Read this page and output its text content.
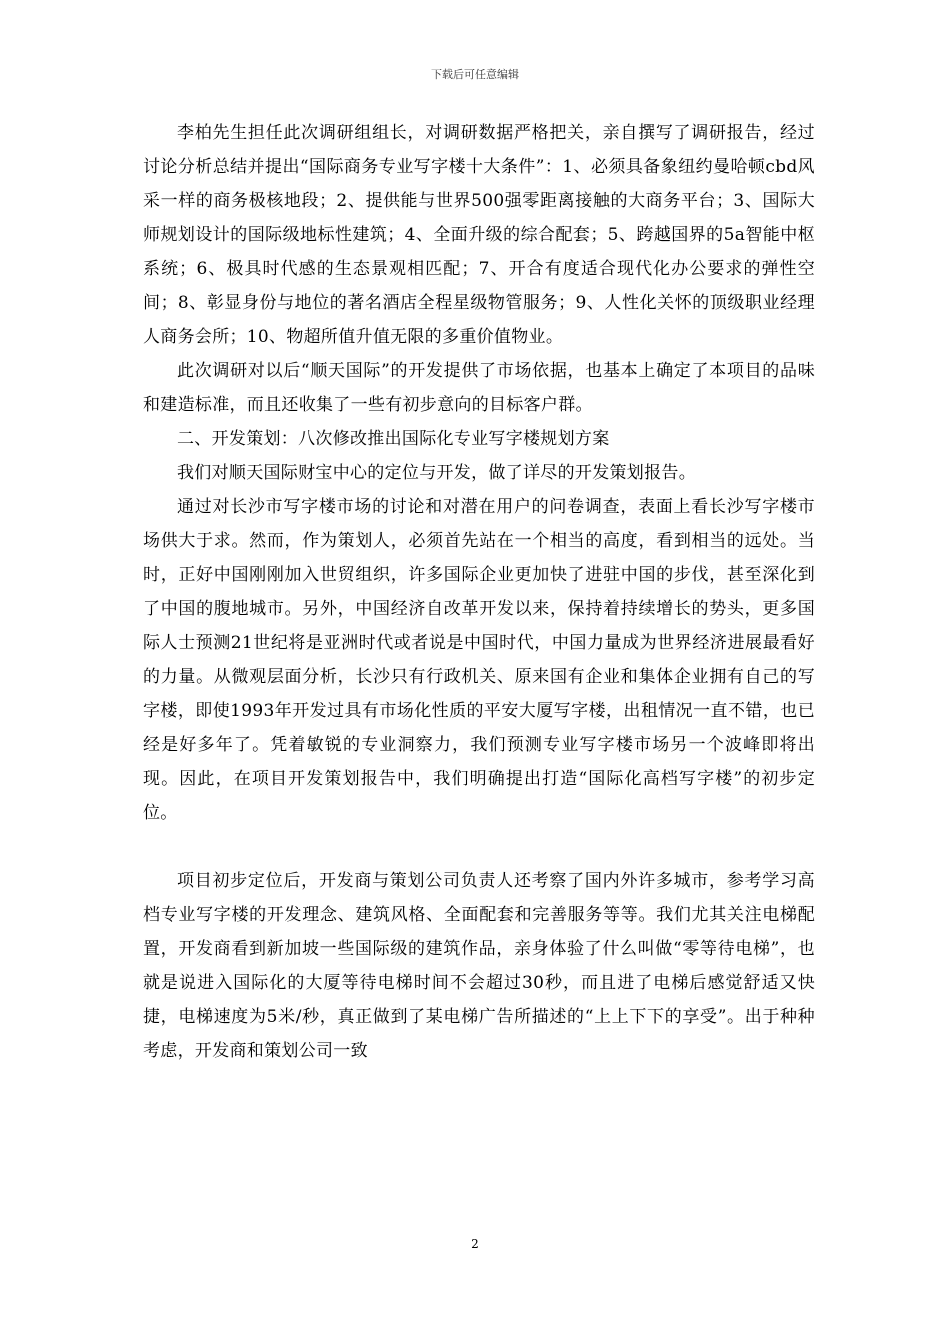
下载后可任意编辑

李柏先生担任此次调研组组长，对调研数据严格把关，亲自撰写了调研报告，经过讨论分析总结并提出“国际商务专业写字楼十大条件”：1、必须具备象纽约曼哈顿cbd风采一样的商务极核地段；2、提供能与世界500强零距离接触的大商务平台；3、国际大师规划设计的国际级地标性建筑；4、全面升级的综合配套；5、跨越国界的5a智能中枢系统；6、极具时代感的生态景观相匹配；7、开合有度适合现代化办公要求的弹性空间；8、彰显身份与地位的著名酒店全程星级物管服务；9、人性化关怀的顶级职业经理人商务会所；10、物超所值升值无限的多重价值物业。

此次调研对以后“顺天国际”的开发提供了市场依据，也基本上确定了本项目的品味和建造标准，而且还收集了一些有初步意向的目标客户群。

二、开发策划：八次修改推出国际化专业写字楼规划方案

我们对顺天国际财宝中心的定位与开发，做了详尽的开发策划报告。

通过对长沙市写字楼市场的讨论和对潜在用户的问卷调查，表面上看长沙写字楼市场供大于求。然而，作为策划人，必须首先站在一个相当的高度，看到相当的远处。当时，正好中国刚刚加入世贸组织，许多国际企业更加快了进驻中国的步伐，甚至深化到了中国的腹地城市。另外，中国经济自改革开发以来，保持着持续增长的势头，更多国际人士预测21世纪将是亚洲时代或者说是中国时代，中国力量成为世界经济进展最看好的力量。从微观层面分析，长沙只有行政机关、原来国有企业和集体企业拥有自己的写字楼，即使1993年开发过具有市场化性质的平安大厦写字楼，出租情况一直不错，也已经是好多年了。凭着敏锐的专业洞察力，我们预测专业写字楼市场另一个波峰即将出现。因此，在项目开发策划报告中，我们明确提出打造“国际化高档写字楼”的初步定位。

项目初步定位后，开发商与策划公司负责人还考察了国内外许多城市，参考学习高档专业写字楼的开发理念、建筑风格、全面配套和完善服务等等。我们尤其关注电梯配置，开发商看到新加坡一些国际级的建筑作品，亲身体验了什么叫做“零等待电梯”，也就是说进入国际化的大厦等待电梯时间不会超过30秒，而且进了电梯后感觉舒适又快捷，电梯速度为5米/秒，真正做到了某电梯广告所描述的“上上下下的享受”。出于种种考虑，开发商和策划公司一致

2
